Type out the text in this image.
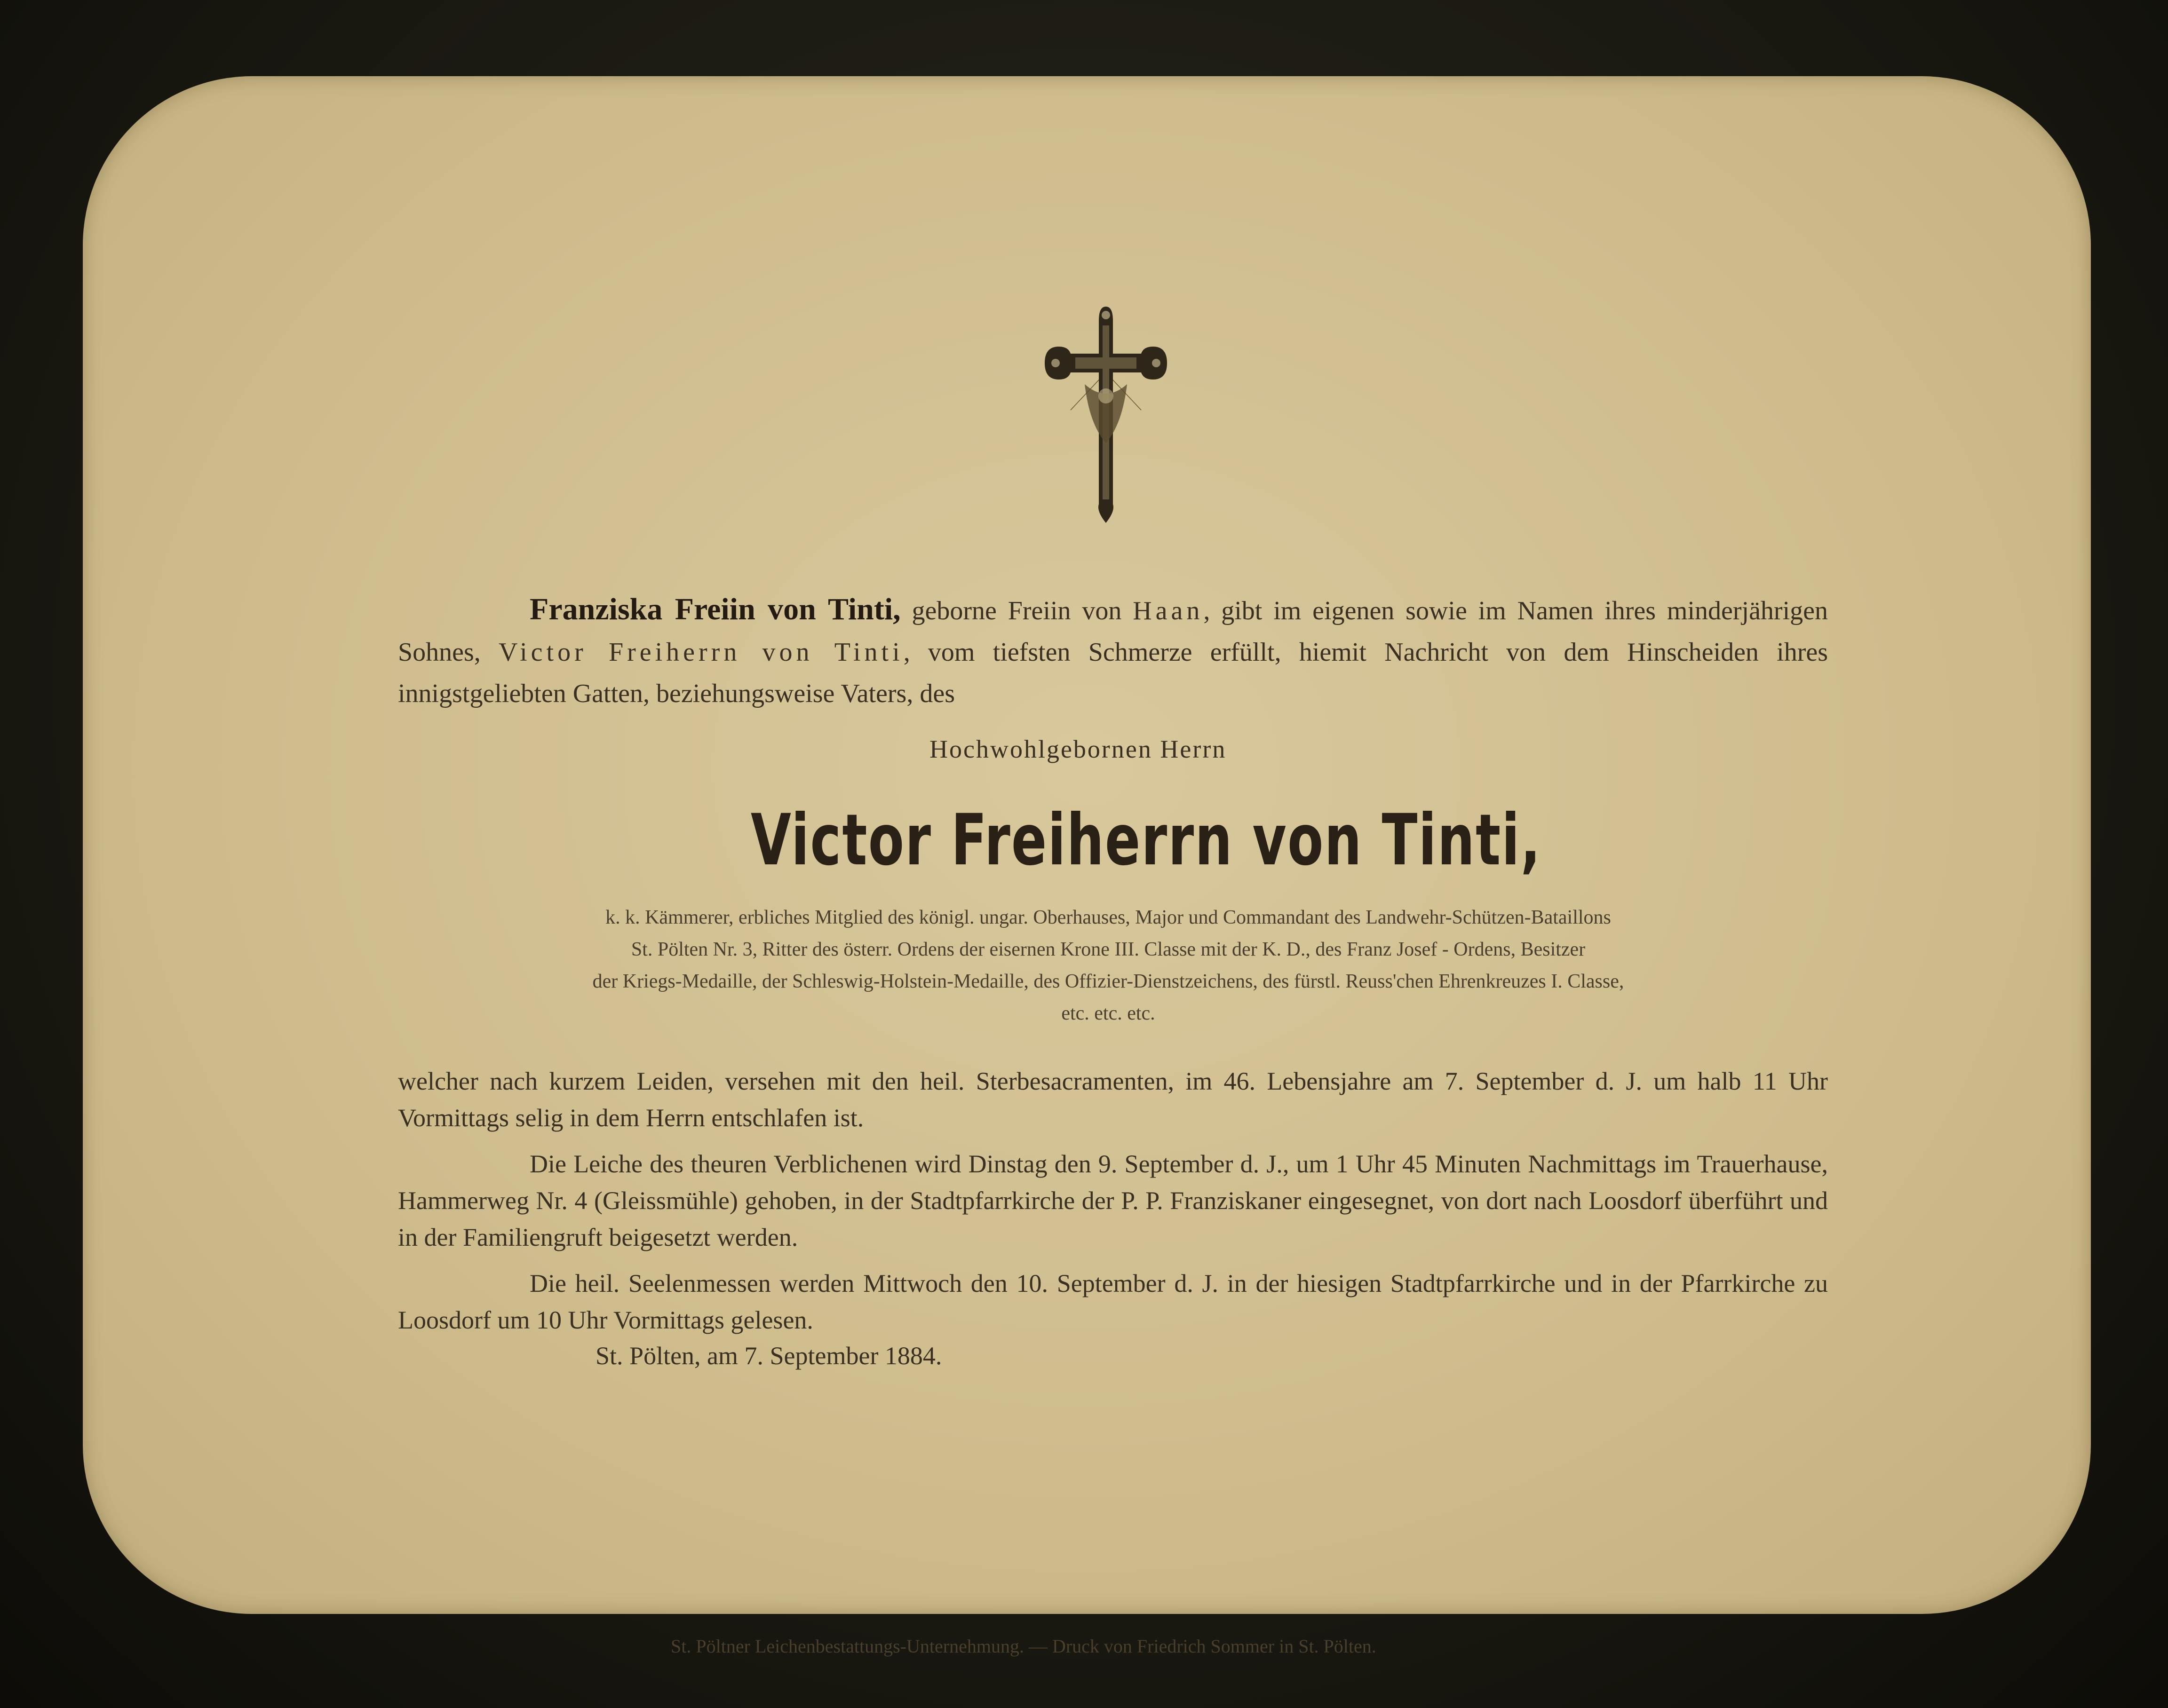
Franziska Freiin von Tinti, geborne Freiin von Haan, gibt im eigenen sowie im Namen ihres minderjährigen Sohnes, Victor Freiherrn von Tinti, vom tiefsten Schmerze erfüllt, hiemit Nachricht von dem Hinscheiden ihres innigstgeliebten Gatten, beziehungsweise Vaters, des
Hochwohlgebornen Herrn
Victor Freiherrn von Tinti,
k. k. Kämmerer, erbliches Mitglied des königl. ungar. Oberhauses, Major und Commandant des Landwehr-Schützen-Bataillons
St. Pölten Nr. 3, Ritter des österr. Ordens der eisernen Krone III. Classe mit der K. D., des Franz Josef - Ordens, Besitzer
der Kriegs-Medaille, der Schleswig-Holstein-Medaille, des Offizier-Dienstzeichens, des fürstl. Reuss'chen Ehrenkreuzes I. Classe,
etc. etc. etc.

welcher nach kurzem Leiden, versehen mit den heil. Sterbesacramenten, im 46. Lebensjahre am 7. September d. J. um halb 11 Uhr Vormittags selig in dem Herrn entschlafen ist.

Die Leiche des theuren Verblichenen wird Dinstag den 9. September d. J., um 1 Uhr 45 Minuten Nachmittags im Trauerhause, Hammerweg Nr. 4 (Gleissmühle) gehoben, in der Stadtpfarrkirche der P. P. Franziskaner eingesegnet, von dort nach Loosdorf überführt und in der Familiengruft beigesetzt werden.

Die heil. Seelenmessen werden Mittwoch den 10. September d. J. in der hiesigen Stadtpfarrkirche und in der Pfarrkirche zu Loosdorf um 10 Uhr Vormittags gelesen.

St. Pölten, am 7. September 1884.
St. Pöltner Leichenbestattungs-Unternehmung. — Druck von Friedrich Sommer in St. Pölten.
